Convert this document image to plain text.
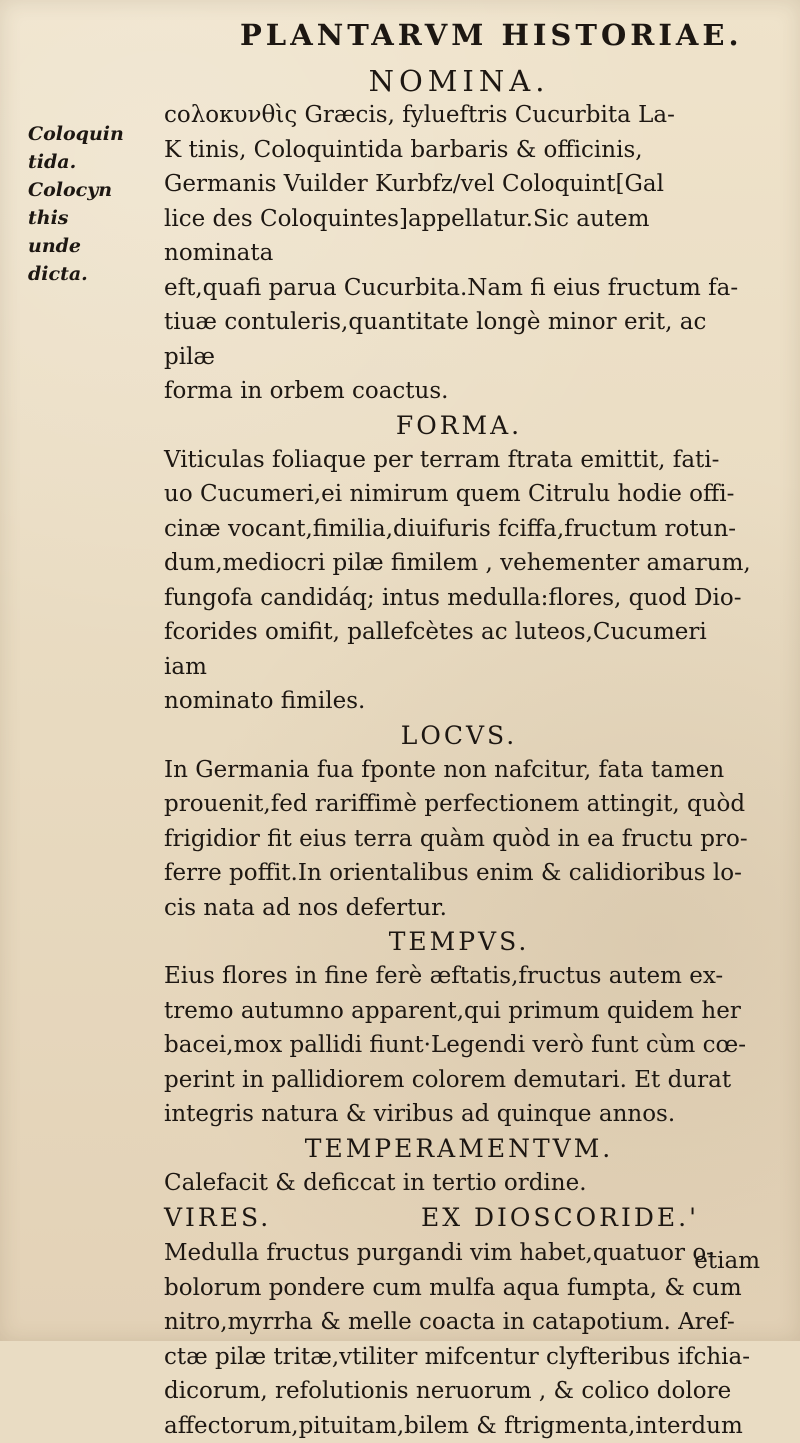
PLANTARVM HISTORIAE.
Coloquin
tida.
Colocyn
this unde
dicta.
NOMINA.

ϲολοκυνθὶς Græcis, fylueftris Cucurbita La-
K tinis, Coloquintida barbaris & officinis,
Germanis Vuilder Kurbfz/vel Coloquint[Gal
lice des Coloquintes]appellatur.Sic autem nominata
eft,quafi parua Cucurbita.Nam fi eius fructum fa-
tiuæ contuleris,quantitate longè minor erit, ac pilæ
forma in orbem coactus.

FORMA.

Viticulas foliaque per terram ftrata emittit, fati-
uo Cucumeri,ei nimirum quem Citrulu hodie offi-
cinæ vocant,fimilia,diuifuris fciffa,fructum rotun-
dum,mediocri pilæ fimilem , vehementer amarum,
fungofa candidáq; intus medulla:flores, quod Dio-
fcorides omifit, pallefcètes ac luteos,Cucumeri iam
nominato fimiles.

LOCVS.

In Germania fua fponte non nafcitur, fata tamen
prouenit,fed rariffimè perfectionem attingit, quòd
frigidior fit eius terra quàm quòd in ea fructu pro-
ferre poffit.In orientalibus enim & calidioribus lo-
cis nata ad nos defertur.

TEMPVS.

Eius flores in fine ferè æftatis,fructus autem ex-
tremo autumno apparent,qui primum quidem her
bacei,mox pallidi fiunt·Legendi verò funt cùm cœ-
perint in pallidiorem colorem demutari. Et durat
integris natura & viribus ad quinque annos.

TEMPERAMENTVM.

Calefacit & deficcat in tertio ordine.

VIRES.	EX DIOSCORIDE.'

Medulla fructus purgandi vim habet,quatuor o-
bolorum pondere cum mulfa aqua fumpta, & cum
nitro,myrrha & melle coacta in catapotium. Aref-
ctæ pilæ tritæ,vtiliter mifcentur clyfteribus ifchia-
dicorum, refolutionis neruorum , & colico dolore
affectorum,pituitam,bilem & ftrigmenta,interdum

etiam
